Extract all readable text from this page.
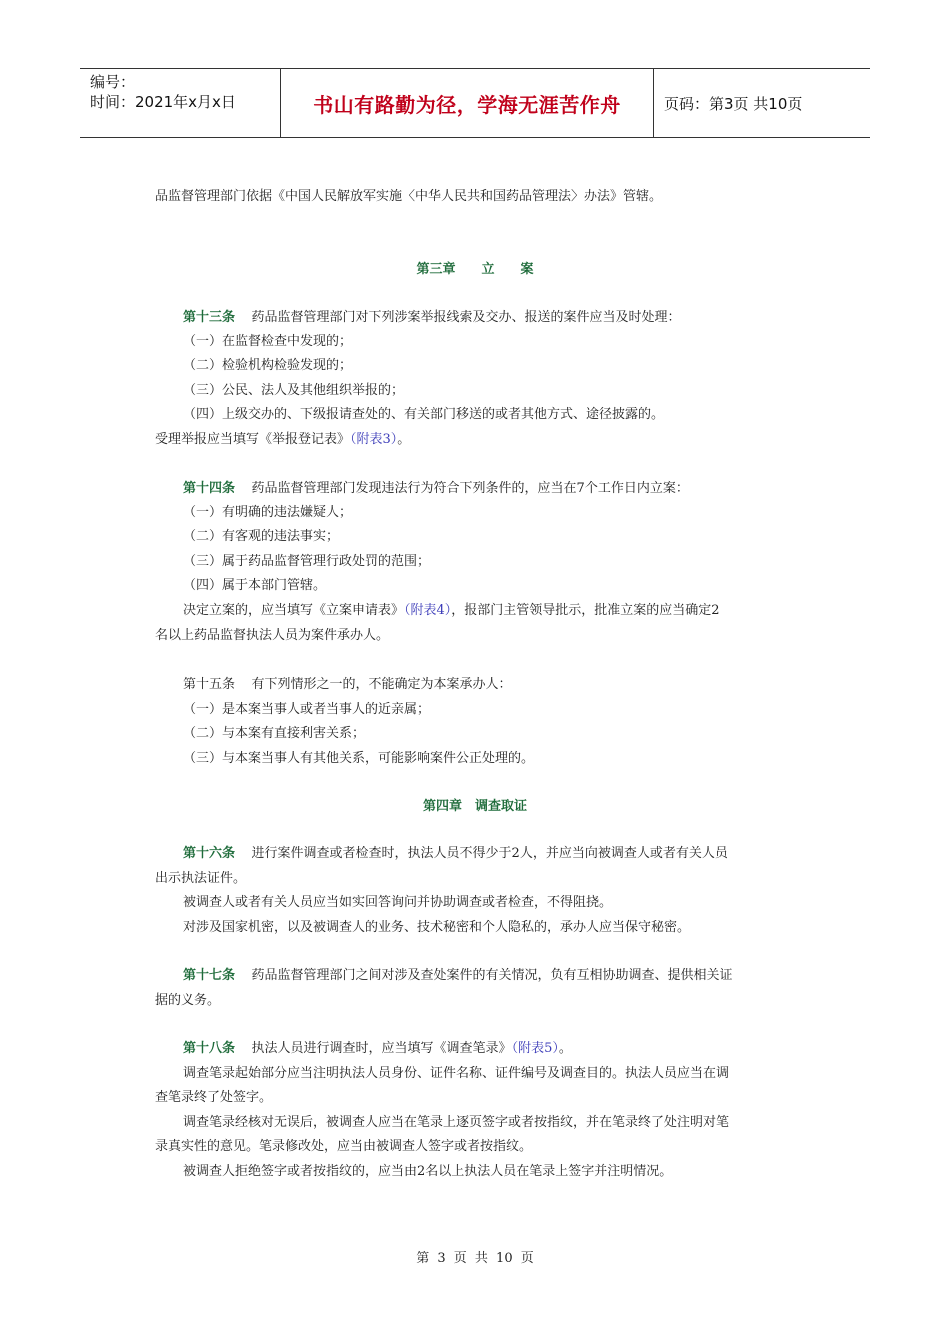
编号：
时间：2021年x月x日	书山有路勤为径，学海无涯苦作舟	页码：第3页 共10页
品监督管理部门依据《中国人民解放军实施〈中华人民共和国药品管理法〉办法》管辖。
第三章　　立　　案
第十三条 药品监督管理部门对下列涉案举报线索及交办、报送的案件应当及时处理：
（一）在监督检查中发现的；
（二）检验机构检验发现的；
（三）公民、法人及其他组织举报的；
（四）上级交办的、下级报请查处的、有关部门移送的或者其他方式、途径披露的。
受理举报应当填写《举报登记表》（附表3）。
第十四条 药品监督管理部门发现违法行为符合下列条件的，应当在7个工作日内立案：
（一）有明确的违法嫌疑人；
（二）有客观的违法事实；
（三）属于药品监督管理行政处罚的范围；
（四）属于本部门管辖。
决定立案的，应当填写《立案申请表》（附表4），报部门主管领导批示，批准立案的应当确定2
名以上药品监督执法人员为案件承办人。
第十五条 有下列情形之一的，不能确定为本案承办人：
（一）是本案当事人或者当事人的近亲属；
（二）与本案有直接利害关系；
（三）与本案当事人有其他关系，可能影响案件公正处理的。
第四章　调查取证
第十六条 进行案件调查或者检查时，执法人员不得少于2人，并应当向被调查人或者有关人员
出示执法证件。
被调查人或者有关人员应当如实回答询问并协助调查或者检查，不得阻挠。
对涉及国家机密，以及被调查人的业务、技术秘密和个人隐私的，承办人应当保守秘密。
第十七条 药品监督管理部门之间对涉及查处案件的有关情况，负有互相协助调查、提供相关证
据的义务。
第十八条 执法人员进行调查时，应当填写《调查笔录》（附表5）。
调查笔录起始部分应当注明执法人员身份、证件名称、证件编号及调查目的。执法人员应当在调
查笔录终了处签字。
调查笔录经核对无误后，被调查人应当在笔录上逐页签字或者按指纹，并在笔录终了处注明对笔
录真实性的意见。笔录修改处，应当由被调查人签字或者按指纹。
被调查人拒绝签字或者按指纹的，应当由2名以上执法人员在笔录上签字并注明情况。
第 3 页 共 10 页
